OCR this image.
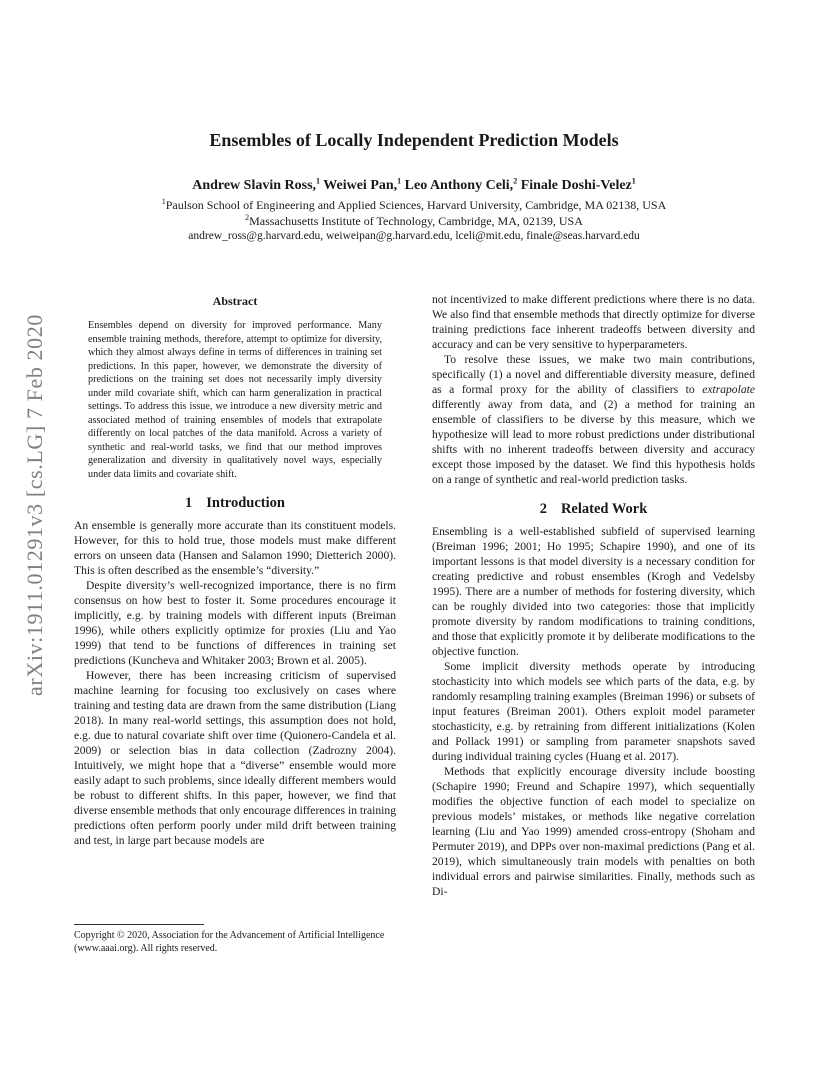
arXiv:1911.01291v3 [cs.LG] 7 Feb 2020
Ensembles of Locally Independent Prediction Models
Andrew Slavin Ross,$^1$ Weiwei Pan,$^1$ Leo Anthony Celi,$^2$ Finale Doshi-Velez$^1$
$^1$Paulson School of Engineering and Applied Sciences, Harvard University, Cambridge, MA 02138, USA
$^2$Massachusetts Institute of Technology, Cambridge, MA, 02139, USA
andrew_ross@g.harvard.edu, weiweipan@g.harvard.edu, lceli@mit.edu, finale@seas.harvard.edu
Abstract

Ensembles depend on diversity for improved performance. Many ensemble training methods, therefore, attempt to optimize for diversity, which they almost always define in terms of differences in training set predictions. In this paper, however, we demonstrate the diversity of predictions on the training set does not necessarily imply diversity under mild covariate shift, which can harm generalization in practical settings. To address this issue, we introduce a new diversity metric and associated method of training ensembles of models that extrapolate differently on local patches of the data manifold. Across a variety of synthetic and real-world tasks, we find that our method improves generalization and diversity in qualitatively novel ways, especially under data limits and covariate shift.

1 Introduction

An ensemble is generally more accurate than its constituent models. However, for this to hold true, those models must make different errors on unseen data (Hansen and Salamon 1990; Dietterich 2000). This is often described as the ensemble’s “diversity.”

Despite diversity’s well-recognized importance, there is no firm consensus on how best to foster it. Some procedures encourage it implicitly, e.g. by training models with different inputs (Breiman 1996), while others explicitly optimize for proxies (Liu and Yao 1999) that tend to be functions of differences in training set predictions (Kuncheva and Whitaker 2003; Brown et al. 2005).

However, there has been increasing criticism of supervised machine learning for focusing too exclusively on cases where training and testing data are drawn from the same distribution (Liang 2018). In many real-world settings, this assumption does not hold, e.g. due to natural covariate shift over time (Quionero-Candela et al. 2009) or selection bias in data collection (Zadrozny 2004). Intuitively, we might hope that a “diverse” ensemble would more easily adapt to such problems, since ideally different members would be robust to different shifts. In this paper, however, we find that diverse ensemble methods that only encourage differences in training predictions often perform poorly under mild drift between training and test, in large part because models are

Copyright © 2020, Association for the Advancement of Artificial Intelligence (www.aaai.org). All rights reserved.

not incentivized to make different predictions where there is no data. We also find that ensemble methods that directly optimize for diverse training predictions face inherent tradeoffs between diversity and accuracy and can be very sensitive to hyperparameters.

To resolve these issues, we make two main contributions, specifically (1) a novel and differentiable diversity measure, defined as a formal proxy for the ability of classifiers to extrapolate differently away from data, and (2) a method for training an ensemble of classifiers to be diverse by this measure, which we hypothesize will lead to more robust predictions under distributional shifts with no inherent tradeoffs between diversity and accuracy except those imposed by the dataset. We find this hypothesis holds on a range of synthetic and real-world prediction tasks.

2 Related Work

Ensembling is a well-established subfield of supervised learning (Breiman 1996; 2001; Ho 1995; Schapire 1990), and one of its important lessons is that model diversity is a necessary condition for creating predictive and robust ensembles (Krogh and Vedelsby 1995). There are a number of methods for fostering diversity, which can be roughly divided into two categories: those that implicitly promote diversity by random modifications to training conditions, and those that explicitly promote it by deliberate modifications to the objective function.

Some implicit diversity methods operate by introducing stochasticity into which models see which parts of the data, e.g. by randomly resampling training examples (Breiman 1996) or subsets of input features (Breiman 2001). Others exploit model parameter stochasticity, e.g. by retraining from different initializations (Kolen and Pollack 1991) or sampling from parameter snapshots saved during individual training cycles (Huang et al. 2017).

Methods that explicitly encourage diversity include boosting (Schapire 1990; Freund and Schapire 1997), which sequentially modifies the objective function of each model to specialize on previous models’ mistakes, or methods like negative correlation learning (Liu and Yao 1999) amended cross-entropy (Shoham and Permuter 2019), and DPPs over non-maximal predictions (Pang et al. 2019), which simultaneously train models with penalties on both individual errors and pairwise similarities. Finally, methods such as Di-
